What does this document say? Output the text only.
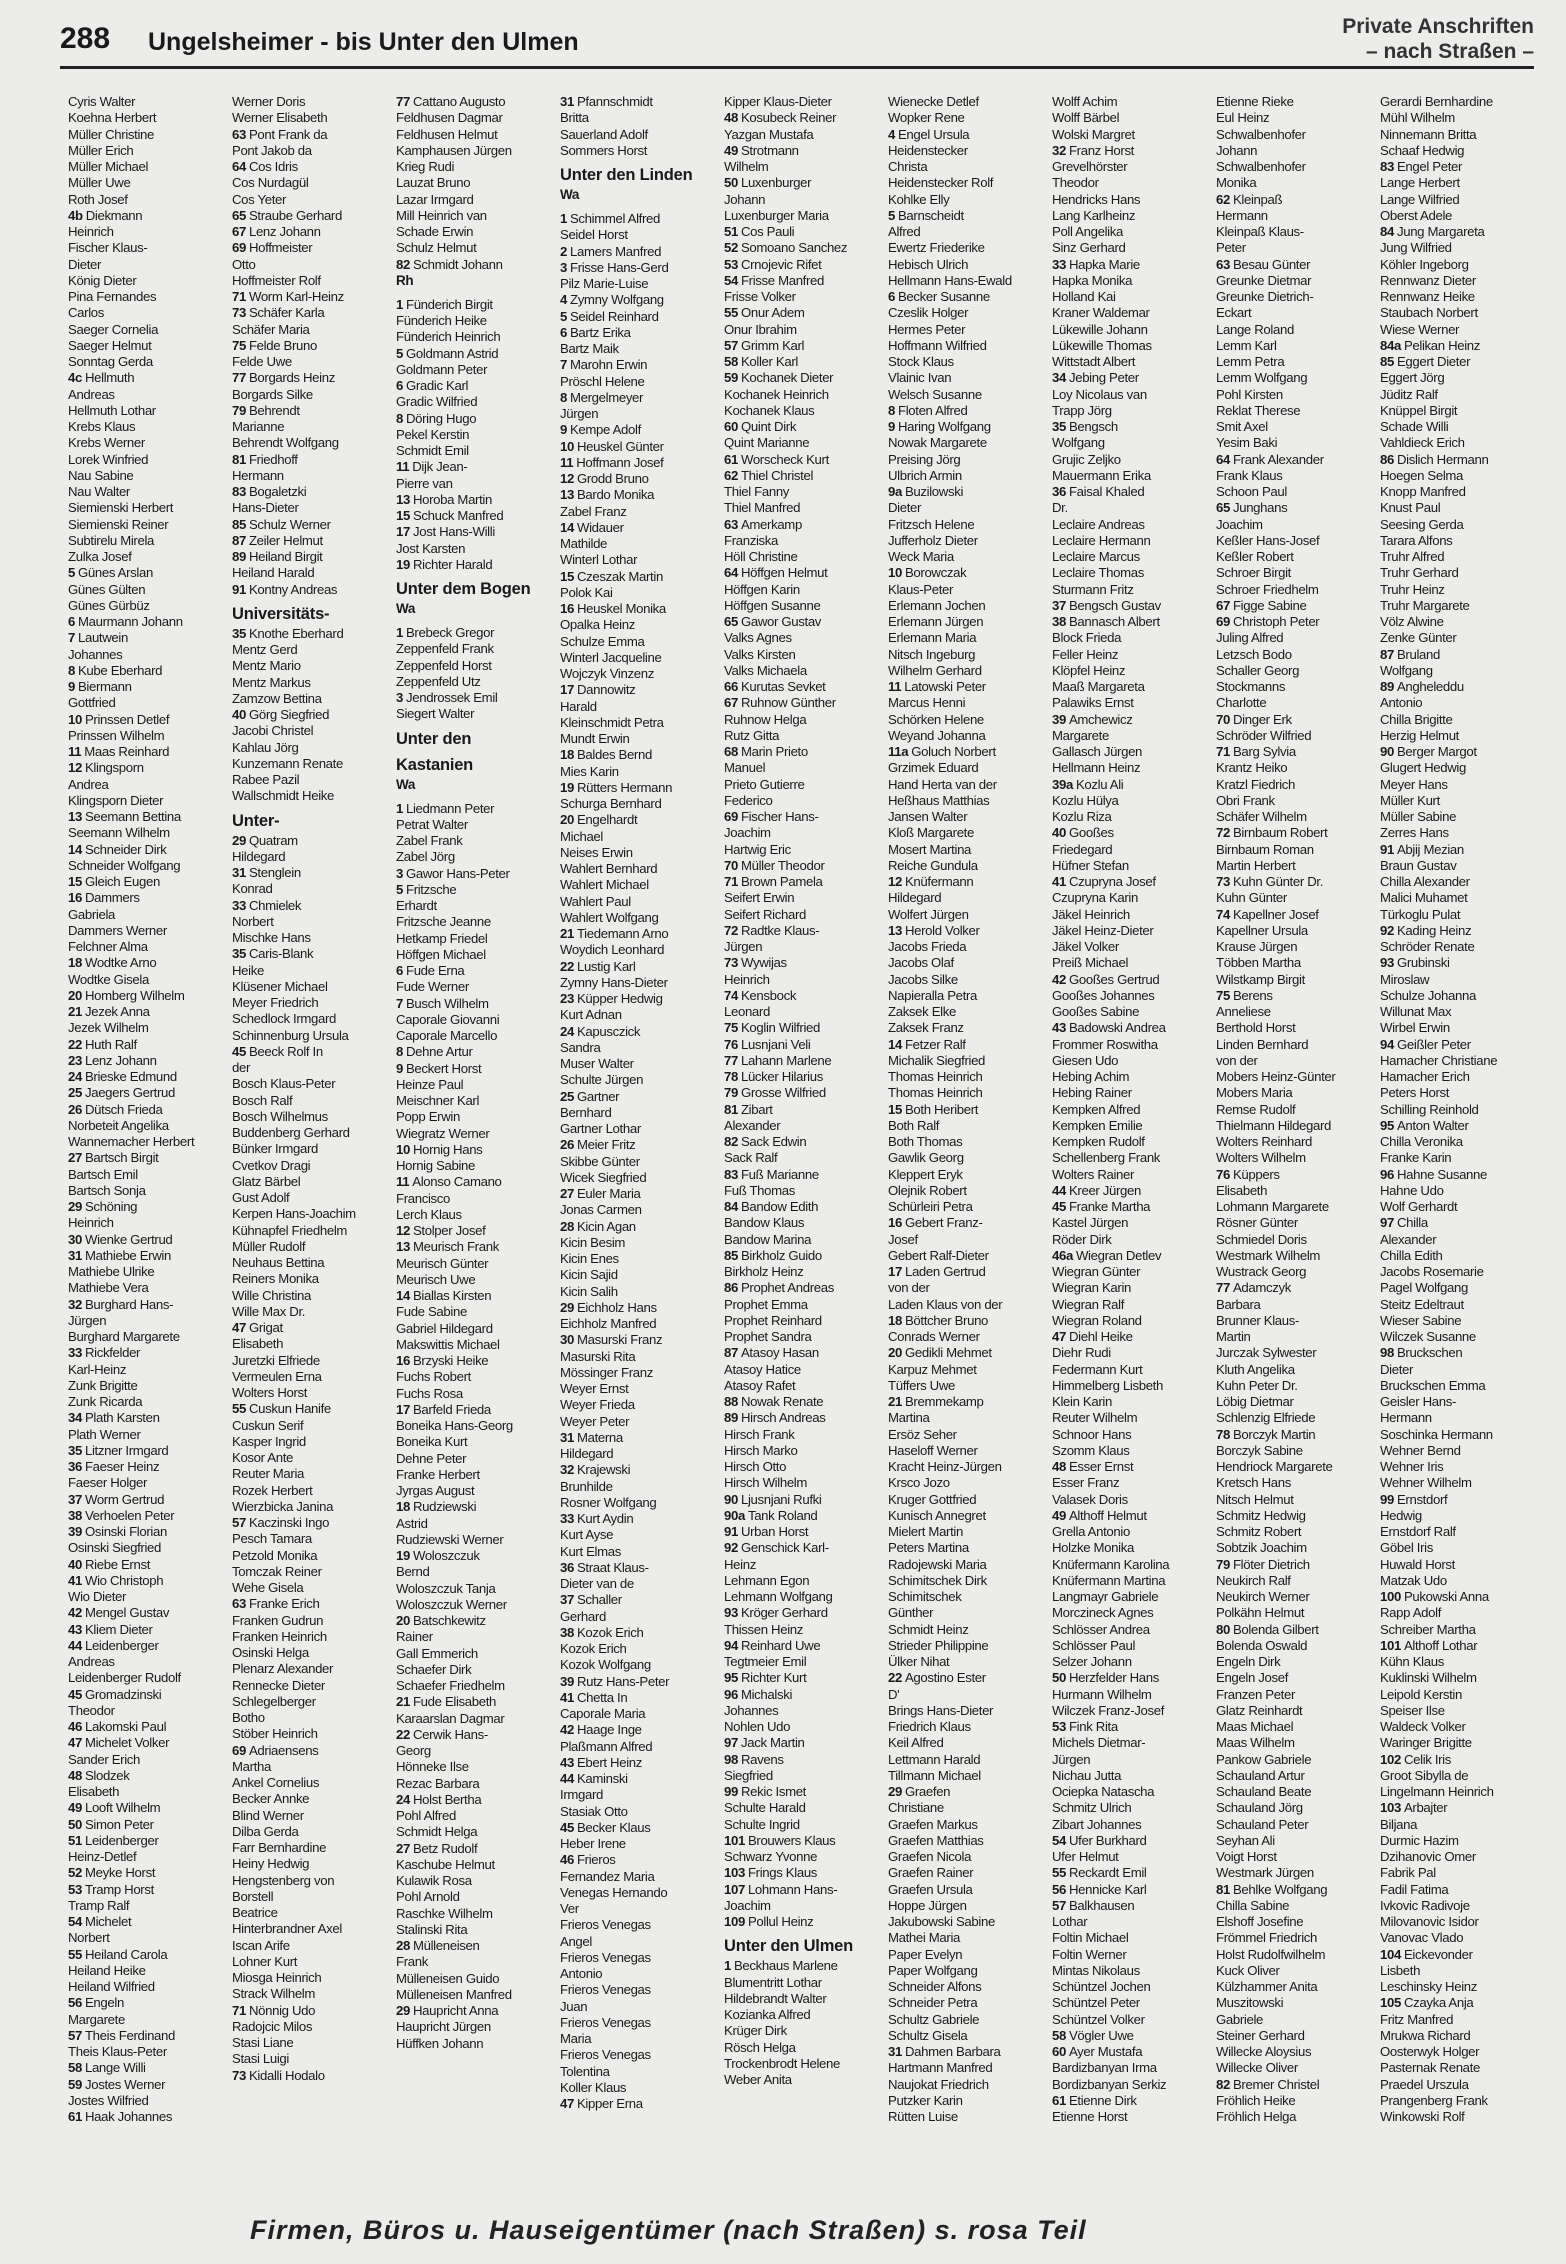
288 Ungelsheimer - bis Unter den Ulmen
Private Anschriften
– nach Straßen –
Cyris Walter
Koehna Herbert
Müller Christine
Müller Erich
Müller Michael
Müller Uwe
Roth Josef
4b Diekmann
Heinrich
Fischer Klaus-
Dieter
König Dieter
Pina Fernandes
Carlos
Saeger Cornelia
Saeger Helmut
Sonntag Gerda
4c Hellmuth
Andreas
Hellmuth Lothar
Krebs Klaus
Krebs Werner
Lorek Winfried
Nau Sabine
Nau Walter
Siemienski Herbert
Siemienski Reiner
Subtirelu Mirela
Zulka Josef
5 Günes Arslan
Günes Gülten
Günes Gürbüz
6 Maurmann Johann
7 Lautwein
Johannes
8 Kube Eberhard
9 Biermann
Gottfried
10 Prinssen Detlef
Prinssen Wilhelm
11 Maas Reinhard
12 Klingsporn
Andrea
Klingsporn Dieter
13 Seemann Bettina
Seemann Wilhelm
14 Schneider Dirk
Schneider Wolfgang
15 Gleich Eugen
16 Dammers
Gabriela
Dammers Werner
Felchner Alma
18 Wodtke Arno
Wodtke Gisela
20 Homberg Wilhelm
21 Jezek Anna
Jezek Wilhelm
22 Huth Ralf
23 Lenz Johann
24 Brieske Edmund
25 Jaegers Gertrud
26 Dütsch Frieda
Norbeteit Angelika
Wannemacher Herbert
27 Bartsch Birgit
Bartsch Emil
Bartsch Sonja
29 Schöning
Heinrich
30 Wienke Gertrud
31 Mathiebe Erwin
Mathiebe Ulrike
Mathiebe Vera
32 Burghard Hans-
Jürgen
Burghard Margarete
33 Rickfelder
Karl-Heinz
Zunk Brigitte
Zunk Ricarda
34 Plath Karsten
Plath Werner
35 Litzner Irmgard
36 Faeser Heinz
Faeser Holger
37 Worm Gertrud
38 Verhoelen Peter
39 Osinski Florian
Osinski Siegfried
40 Riebe Ernst
41 Wio Christoph
Wio Dieter
42 Mengel Gustav
43 Kliem Dieter
44 Leidenberger
Andreas
Leidenberger Rudolf
45 Gromadzinski
Theodor
46 Lakomski Paul
47 Michelet Volker
Sander Erich
48 Slodzek
Elisabeth
49 Looft Wilhelm
50 Simon Peter
51 Leidenberger
Heinz-Detlef
52 Meyke Horst
53 Tramp Horst
Tramp Ralf
54 Michelet
Norbert
55 Heiland Carola
Heiland Heike
Heiland Wilfried
56 Engeln
Margarete
57 Theis Ferdinand
Theis Klaus-Peter
58 Lange Willi
59 Jostes Werner
Jostes Wilfried
61 Haak Johannes
Werner Doris
Werner Elisabeth
63 Pont Frank da
Pont Jakob da
64 Cos Idris
Cos Nurdagül
Cos Yeter
65 Straube Gerhard
67 Lenz Johann
69 Hoffmeister
Otto
Hoffmeister Rolf
71 Worm Karl-Heinz
73 Schäfer Karla
Schäfer Maria
75 Felde Bruno
Felde Uwe
77 Borgards Heinz
Borgards Silke
79 Behrendt
Marianne
Behrendt Wolfgang
81 Friedhoff
Hermann
83 Bogaletzki
Hans-Dieter
85 Schulz Werner
87 Zeiler Helmut
89 Heiland Birgit
Heiland Harald
91 Kontny Andreas
Universitäts-
35 Knothe Eberhard
Mentz Gerd
Mentz Mario
Mentz Markus
Zamzow Bettina
40 Görg Siegfried
Jacobi Christel
Kahlau Jörg
Kunzemann Renate
Rabee Pazil
Wallschmidt Heike
Unter-
29 Quatram
Hildegard
31 Stenglein
Konrad
33 Chmielek
Norbert
Mischke Hans
35 Caris-Blank
Heike
Klüsener Michael
Meyer Friedrich
Schedlock Irmgard
Schinnenburg Ursula
45 Beeck Rolf In
der
Bosch Klaus-Peter
Bosch Ralf
Bosch Wilhelmus
Buddenberg Gerhard
Bünker Irmgard
Cvetkov Dragi
Glatz Bärbel
Gust Adolf
Kerpen Hans-Joachim
Kühnapfel Friedhelm
Müller Rudolf
Neuhaus Bettina
Reiners Monika
Wille Christina
Wille Max Dr.
47 Grigat
Elisabeth
Juretzki Elfriede
Vermeulen Erna
Wolters Horst
55 Cuskun Hanife
Cuskun Serif
Kasper Ingrid
Kosor Ante
Reuter Maria
Rozek Herbert
Wierzbicka Janina
57 Kaczinski Ingo
Pesch Tamara
Petzold Monika
Tomczak Reiner
Wehe Gisela
63 Franke Erich
Franken Gudrun
Franken Heinrich
Osinski Helga
Plenarz Alexander
Rennecke Dieter
Schlegelberger
Botho
Stöber Heinrich
69 Adriaensens
Martha
Ankel Cornelius
Becker Annke
Blind Werner
Dilba Gerda
Farr Bernhardine
Heiny Hedwig
Hengstenberg von
Borstell
Beatrice
Hinterbrandner Axel
Iscan Arife
Lohner Kurt
Miosga Heinrich
Strack Wilhelm
71 Nönnig Udo
Radojcic Milos
Stasi Liane
Stasi Luigi
73 Kidalli Hodalo
77 Cattano Augusto
Feldhusen Dagmar
Feldhusen Helmut
Kamphausen Jürgen
Krieg Rudi
Lauzat Bruno
Lazar Irmgard
Mill Heinrich van
Schade Erwin
Schulz Helmut
82 Schmidt Johann
Rh
1 Fünderich Birgit
Fünderich Heike
Fünderich Heinrich
5 Goldmann Astrid
Goldmann Peter
6 Gradic Karl
Gradic Wilfried
8 Döring Hugo
Pekel Kerstin
Schmidt Emil
11 Dijk Jean-
Pierre van
13 Horoba Martin
15 Schuck Manfred
17 Jost Hans-Willi
Jost Karsten
19 Richter Harald
Unter dem Bogen
Wa
1 Brebeck Gregor
Zeppenfeld Frank
Zeppenfeld Horst
Zeppenfeld Utz
3 Jendrossek Emil
Siegert Walter
Unter den
Kastanien
Wa
1 Liedmann Peter
Petrat Walter
Zabel Frank
Zabel Jörg
3 Gawor Hans-Peter
5 Fritzsche
Erhardt
Fritzsche Jeanne
Hetkamp Friedel
Höffgen Michael
6 Fude Erna
Fude Werner
7 Busch Wilhelm
Caporale Giovanni
Caporale Marcello
8 Dehne Artur
9 Beckert Horst
Heinze Paul
Meischner Karl
Popp Erwin
Wiegratz Werner
10 Hornig Hans
Hornig Sabine
11 Alonso Camano
Francisco
Lerch Klaus
12 Stolper Josef
13 Meurisch Frank
Meurisch Günter
Meurisch Uwe
14 Biallas Kirsten
Fude Sabine
Gabriel Hildegard
Makswittis Michael
16 Brzyski Heike
Fuchs Robert
Fuchs Rosa
17 Barfeld Frieda
Boneika Hans-Georg
Boneika Kurt
Dehne Peter
Franke Herbert
Jyrgas August
18 Rudziewski
Astrid
Rudziewski Werner
19 Woloszczuk
Bernd
Woloszczuk Tanja
Woloszczuk Werner
20 Batschkewitz
Rainer
Gall Emmerich
Schaefer Dirk
Schaefer Friedhelm
21 Fude Elisabeth
Karaarslan Dagmar
22 Cerwik Hans-
Georg
Hönneke Ilse
Rezac Barbara
24 Holst Bertha
Pohl Alfred
Schmidt Helga
27 Betz Rudolf
Kaschube Helmut
Kulawik Rosa
Pohl Arnold
Raschke Wilhelm
Stalinski Rita
28 Mülleneisen
Frank
Mülleneisen Guido
Mülleneisen Manfred
29 Haupricht Anna
Haupricht Jürgen
Hüffken Johann
31 Pfannschmidt
Britta
Sauerland Adolf
Sommers Horst
Unter den Linden
Wa
1 Schimmel Alfred
Seidel Horst
2 Lamers Manfred
3 Frisse Hans-Gerd
Pilz Marie-Luise
4 Zymny Wolfgang
5 Seidel Reinhard
6 Bartz Erika
Bartz Maik
7 Marohn Erwin
Pröschl Helene
8 Mergelmeyer
Jürgen
9 Kempe Adolf
10 Heuskel Günter
11 Hoffmann Josef
12 Grodd Bruno
13 Bardo Monika
Zabel Franz
14 Widauer
Mathilde
Winterl Lothar
15 Czeszak Martin
Polok Kai
16 Heuskel Monika
Opalka Heinz
Schulze Emma
Winterl Jacqueline
Wojczyk Vinzenz
17 Dannowitz
Harald
Kleinschmidt Petra
Mundt Erwin
18 Baldes Bernd
Mies Karin
19 Rütters Hermann
Schurga Bernhard
20 Engelhardt
Michael
Neises Erwin
Wahlert Bernhard
Wahlert Michael
Wahlert Paul
Wahlert Wolfgang
21 Tiedemann Arno
Woydich Leonhard
22 Lustig Karl
Zymny Hans-Dieter
23 Küpper Hedwig
Kurt Adnan
24 Kapusczick
Sandra
Muser Walter
Schulte Jürgen
25 Gartner
Bernhard
Gartner Lothar
26 Meier Fritz
Skibbe Günter
Wicek Siegfried
27 Euler Maria
Jonas Carmen
28 Kicin Agan
Kicin Besim
Kicin Enes
Kicin Sajid
Kicin Salih
29 Eichholz Hans
Eichholz Manfred
30 Masurski Franz
Masurski Rita
Mössinger Franz
Weyer Ernst
Weyer Frieda
Weyer Peter
31 Materna
Hildegard
32 Krajewski
Brunhilde
Rosner Wolfgang
33 Kurt Aydin
Kurt Ayse
Kurt Elmas
36 Straat Klaus-
Dieter van de
37 Schaller
Gerhard
38 Kozok Erich
Kozok Erich
Kozok Wolfgang
39 Rutz Hans-Peter
41 Chetta In
Caporale Maria
42 Haage Inge
Plaßmann Alfred
43 Ebert Heinz
44 Kaminski
Irmgard
Stasiak Otto
45 Becker Klaus
Heber Irene
46 Frieros
Fernandez Maria
Venegas Hernando
Ver
Frieros Venegas
Angel
Frieros Venegas
Antonio
Frieros Venegas
Juan
Frieros Venegas
Maria
Frieros Venegas
Tolentina
Koller Klaus
47 Kipper Erna
Kipper Klaus-Dieter
48 Kosubeck Reiner
Yazgan Mustafa
49 Strotmann
Wilhelm
50 Luxenburger
Johann
Luxenburger Maria
51 Cos Pauli
52 Somoano Sanchez
53 Crnojevic Rifet
54 Frisse Manfred
Frisse Volker
55 Onur Adem
Onur Ibrahim
57 Grimm Karl
58 Koller Karl
59 Kochanek Dieter
Kochanek Heinrich
Kochanek Klaus
60 Quint Dirk
Quint Marianne
61 Worscheck Kurt
62 Thiel Christel
Thiel Fanny
Thiel Manfred
63 Amerkamp
Franziska
Höll Christine
64 Höffgen Helmut
Höffgen Karin
Höffgen Susanne
65 Gawor Gustav
Valks Agnes
Valks Kirsten
Valks Michaela
66 Kurutas Sevket
67 Ruhnow Günther
Ruhnow Helga
Rutz Gitta
68 Marin Prieto
Manuel
Prieto Gutierre
Federico
69 Fischer Hans-
Joachim
Hartwig Eric
70 Müller Theodor
71 Brown Pamela
Seifert Erwin
Seifert Richard
72 Radtke Klaus-
Jürgen
73 Wywijas
Heinrich
74 Kensbock
Leonard
75 Koglin Wilfried
76 Lusnjani Veli
77 Lahann Marlene
78 Lücker Hilarius
79 Grosse Wilfried
81 Zibart
Alexander
82 Sack Edwin
Sack Ralf
83 Fuß Marianne
Fuß Thomas
84 Bandow Edith
Bandow Klaus
Bandow Marina
85 Birkholz Guido
Birkholz Heinz
86 Prophet Andreas
Prophet Emma
Prophet Reinhard
Prophet Sandra
87 Atasoy Hasan
Atasoy Hatice
Atasoy Rafet
88 Nowak Renate
89 Hirsch Andreas
Hirsch Frank
Hirsch Marko
Hirsch Otto
Hirsch Wilhelm
90 Ljusnjani Rufki
90a Tank Roland
91 Urban Horst
92 Genschick Karl-
Heinz
Lehmann Egon
Lehmann Wolfgang
93 Kröger Gerhard
Thissen Heinz
94 Reinhard Uwe
Tegtmeier Emil
95 Richter Kurt
96 Michalski
Johannes
Nohlen Udo
97 Jack Martin
98 Ravens
Siegfried
99 Rekic Ismet
Schulte Harald
Schulte Ingrid
101 Brouwers Klaus
Schwarz Yvonne
103 Frings Klaus
107 Lohmann Hans-
Joachim
109 Pollul Heinz
Unter den Ulmen
1 Beckhaus Marlene
Blumentritt Lothar
Hildebrandt Walter
Kozianka Alfred
Krüger Dirk
Rösch Helga
Trockenbrodt Helene
Weber Anita
Wienecke Detlef
Wopker Rene
4 Engel Ursula
Heidenstecker
Christa
Heidenstecker Rolf
Kohlke Elly
5 Barnscheidt
Alfred
Ewertz Friederike
Hebisch Ulrich
Hellmann Hans-Ewald
6 Becker Susanne
Czeslik Holger
Hermes Peter
Hoffmann Wilfried
Stock Klaus
Vlainic Ivan
Welsch Susanne
8 Floten Alfred
9 Haring Wolfgang
Nowak Margarete
Preising Jörg
Ulbrich Armin
9a Buzilowski
Dieter
Fritzsch Helene
Jufferholz Dieter
Weck Maria
10 Borowczak
Klaus-Peter
Erlemann Jochen
Erlemann Jürgen
Erlemann Maria
Nitsch Ingeburg
Wilhelm Gerhard
11 Latowski Peter
Marcus Henni
Schörken Helene
Weyand Johanna
11a Goluch Norbert
Grzimek Eduard
Hand Herta van der
Heßhaus Matthias
Jansen Walter
Kloß Margarete
Mosert Martina
Reiche Gundula
12 Knüfermann
Hildegard
Wolfert Jürgen
13 Herold Volker
Jacobs Frieda
Jacobs Olaf
Jacobs Silke
Napieralla Petra
Zaksek Elke
Zaksek Franz
14 Fetzer Ralf
Michalik Siegfried
Thomas Heinrich
Thomas Heinrich
15 Both Heribert
Both Ralf
Both Thomas
Gawlik Georg
Kleppert Eryk
Olejnik Robert
Schürleiri Petra
16 Gebert Franz-
Josef
Gebert Ralf-Dieter
17 Laden Gertrud
von der
Laden Klaus von der
18 Böttcher Bruno
Conrads Werner
20 Gedikli Mehmet
Karpuz Mehmet
Tüffers Uwe
21 Bremmekamp
Martina
Ersöz Seher
Haseloff Werner
Kracht Heinz-Jürgen
Krsco Jozo
Kruger Gottfried
Kunisch Annegret
Mielert Martin
Peters Martina
Radojewski Maria
Schimitschek Dirk
Schimitschek
Günther
Schmidt Heinz
Strieder Philippine
Ülker Nihat
22 Agostino Ester
D'
Brings Hans-Dieter
Friedrich Klaus
Keil Alfred
Lettmann Harald
Tillmann Michael
29 Graefen
Christiane
Graefen Markus
Graefen Matthias
Graefen Nicola
Graefen Rainer
Graefen Ursula
Hoppe Jürgen
Jakubowski Sabine
Mathei Maria
Paper Evelyn
Paper Wolfgang
Schneider Alfons
Schneider Petra
Schultz Gabriele
Schultz Gisela
31 Dahmen Barbara
Hartmann Manfred
Naujokat Friedrich
Putzker Karin
Rütten Luise
Wolff Achim
Wolff Bärbel
Wolski Margret
32 Franz Horst
Grevelhörster
Theodor
Hendricks Hans
Lang Karlheinz
Poll Angelika
Sinz Gerhard
33 Hapka Marie
Hapka Monika
Holland Kai
Kraner Waldemar
Lükewille Johann
Lükewille Thomas
Wittstadt Albert
34 Jebing Peter
Loy Nicolaus van
Trapp Jörg
35 Bengsch
Wolfgang
Grujic Zeljko
Mauermann Erika
36 Faisal Khaled
Dr.
Leclaire Andreas
Leclaire Hermann
Leclaire Marcus
Leclaire Thomas
Sturmann Fritz
37 Bengsch Gustav
38 Bannasch Albert
Block Frieda
Feller Heinz
Klöpfel Heinz
Maaß Margareta
Palawiks Ernst
39 Amchewicz
Margarete
Gallasch Jürgen
Hellmann Heinz
39a Kozlu Ali
Kozlu Hülya
Kozlu Riza
40 Gooßes
Friedegard
Hüfner Stefan
41 Czupryna Josef
Czupryna Karin
Jäkel Heinrich
Jäkel Heinz-Dieter
Jäkel Volker
Preiß Michael
42 Gooßes Gertrud
Gooßes Johannes
Gooßes Sabine
43 Badowski Andrea
Frommer Roswitha
Giesen Udo
Hebing Achim
Hebing Rainer
Kempken Alfred
Kempken Emilie
Kempken Rudolf
Schellenberg Frank
Wolters Rainer
44 Kreer Jürgen
45 Franke Martha
Kastel Jürgen
Röder Dirk
46a Wiegran Detlev
Wiegran Günter
Wiegran Karin
Wiegran Ralf
Wiegran Roland
47 Diehl Heike
Diehr Rudi
Federmann Kurt
Himmelberg Lisbeth
Klein Karin
Reuter Wilhelm
Schnoor Hans
Szomm Klaus
48 Esser Ernst
Esser Franz
Valasek Doris
49 Althoff Helmut
Grella Antonio
Holzke Monika
Knüfermann Karolina
Knüfermann Martina
Langmayr Gabriele
Morczineck Agnes
Schlösser Andrea
Schlösser Paul
Selzer Johann
50 Herzfelder Hans
Hurmann Wilhelm
Wilczek Franz-Josef
53 Fink Rita
Michels Dietmar-
Jürgen
Nichau Jutta
Ociepka Natascha
Schmitz Ulrich
Zibart Johannes
54 Ufer Burkhard
Ufer Helmut
55 Reckardt Emil
56 Hennicke Karl
57 Balkhausen
Lothar
Foltin Michael
Foltin Werner
Mintas Nikolaus
Schüntzel Jochen
Schüntzel Peter
Schüntzel Volker
58 Vögler Uwe
60 Ayer Mustafa
Bardizbanyan Irma
Bordizbanyan Serkiz
61 Etienne Dirk
Etienne Horst
Etienne Rieke
Eul Heinz
Schwalbenhofer
Johann
Schwalbenhofer
Monika
62 Kleinpaß
Hermann
Kleinpaß Klaus-
Peter
63 Besau Günter
Greunke Dietmar
Greunke Dietrich-
Eckart
Lange Roland
Lemm Karl
Lemm Petra
Lemm Wolfgang
Pohl Kirsten
Reklat Therese
Smit Axel
Yesim Baki
64 Frank Alexander
Frank Klaus
Schoon Paul
65 Junghans
Joachim
Keßler Hans-Josef
Keßler Robert
Schroer Birgit
Schroer Friedhelm
67 Figge Sabine
69 Christoph Peter
Juling Alfred
Letzsch Bodo
Schaller Georg
Stockmanns
Charlotte
70 Dinger Erk
Schröder Wilfried
71 Barg Sylvia
Krantz Heiko
Kratzl Fiedrich
Obri Frank
Schäfer Wilhelm
72 Birnbaum Robert
Birnbaum Roman
Martin Herbert
73 Kuhn Günter Dr.
Kuhn Günter
74 Kapellner Josef
Kapellner Ursula
Krause Jürgen
Többen Martha
Wilstkamp Birgit
75 Berens
Anneliese
Berthold Horst
Linden Bernhard
von der
Mobers Heinz-Günter
Mobers Maria
Remse Rudolf
Thielmann Hildegard
Wolters Reinhard
Wolters Wilhelm
76 Küppers
Elisabeth
Lohmann Margarete
Rösner Günter
Schmiedel Doris
Westmark Wilhelm
Wustrack Georg
77 Adamczyk
Barbara
Brunner Klaus-
Martin
Jurczak Sylwester
Kluth Angelika
Kuhn Peter Dr.
Löbig Dietmar
Schlenzig Elfriede
78 Borczyk Martin
Borczyk Sabine
Hendriock Margarete
Kretsch Hans
Nitsch Helmut
Schmitz Hedwig
Schmitz Robert
Sobtzik Joachim
79 Flöter Dietrich
Neukirch Ralf
Neukirch Werner
Polkähn Helmut
80 Bolenda Gilbert
Bolenda Oswald
Engeln Dirk
Engeln Josef
Franzen Peter
Glatz Reinhardt
Maas Michael
Maas Wilhelm
Pankow Gabriele
Schauland Artur
Schauland Beate
Schauland Jörg
Schauland Peter
Seyhan Ali
Voigt Horst
Westmark Jürgen
81 Behlke Wolfgang
Chilla Sabine
Elshoff Josefine
Frömmel Friedrich
Holst Rudolfwilhelm
Kuck Oliver
Külzhammer Anita
Muszitowski
Gabriele
Steiner Gerhard
Willecke Aloysius
Willecke Oliver
82 Bremer Christel
Fröhlich Heike
Fröhlich Helga
Gerardi Bernhardine
Mühl Wilhelm
Ninnemann Britta
Schaaf Hedwig
83 Engel Peter
Lange Herbert
Lange Wilfried
Oberst Adele
84 Jung Margareta
Jung Wilfried
Köhler Ingeborg
Rennwanz Dieter
Rennwanz Heike
Staubach Norbert
Wiese Werner
84a Pelikan Heinz
85 Eggert Dieter
Eggert Jörg
Jüditz Ralf
Knüppel Birgit
Schade Willi
Vahldieck Erich
86 Dislich Hermann
Hoegen Selma
Knopp Manfred
Knust Paul
Seesing Gerda
Tarara Alfons
Truhr Alfred
Truhr Gerhard
Truhr Heinz
Truhr Margarete
Völz Alwine
Zenke Günter
87 Bruland
Wolfgang
89 Angheleddu
Antonio
Chilla Brigitte
Herzig Helmut
90 Berger Margot
Glugert Hedwig
Meyer Hans
Müller Kurt
Müller Sabine
Zerres Hans
91 Abjij Mezian
Braun Gustav
Chilla Alexander
Malici Muhamet
Türkoglu Pulat
92 Kading Heinz
Schröder Renate
93 Grubinski
Miroslaw
Schulze Johanna
Willunat Max
Wirbel Erwin
94 Geißler Peter
Hamacher Christiane
Hamacher Erich
Peters Horst
Schilling Reinhold
95 Anton Walter
Chilla Veronika
Franke Karin
96 Hahne Susanne
Hahne Udo
Wolf Gerhardt
97 Chilla
Alexander
Chilla Edith
Jacobs Rosemarie
Pagel Wolfgang
Steitz Edeltraut
Wieser Sabine
Wilczek Susanne
98 Bruckschen
Dieter
Bruckschen Emma
Geisler Hans-
Hermann
Soschinka Hermann
Wehner Bernd
Wehner Iris
Wehner Wilhelm
99 Ernstdorf
Hedwig
Ernstdorf Ralf
Göbel Iris
Huwald Horst
Matzak Udo
100 Pukowski Anna
Rapp Adolf
Schreiber Martha
101 Althoff Lothar
Kühn Klaus
Kuklinski Wilhelm
Leipold Kerstin
Speiser Ilse
Waldeck Volker
Waringer Brigitte
102 Celik Iris
Groot Sibylla de
Lingelmann Heinrich
103 Arbajter
Biljana
Durmic Hazim
Dzihanovic Omer
Fabrik Pal
Fadil Fatima
Ivkovic Radivoje
Milovanovic Isidor
Vanovac Vlado
104 Eickevonder
Lisbeth
Leschinsky Heinz
105 Czayka Anja
Fritz Manfred
Mrukwa Richard
Oosterwyk Holger
Pasternak Renate
Praedel Urszula
Prangenberg Frank
Winkowski Rolf
Firmen, Büros u. Hauseigentümer (nach Straßen) s. rosa Teil
